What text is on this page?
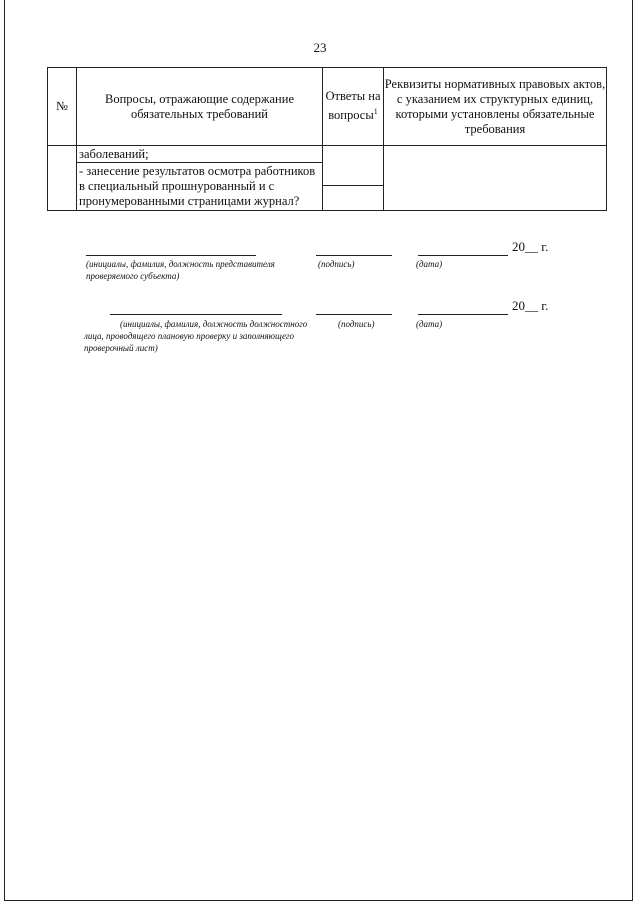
23
№	Вопросы, отражающие содержание обязательных требований	Ответы на вопросы$^1$	Реквизиты нормативных правовых актов, с указанием их структурных единиц, которыми установлены обязательные требования

	заболеваний;
- занесение результатов осмотра работников в специальный прошнурованный и с пронумерованными страницами журнал?		

20__ г.
(инициалы, фамилия, должность представителя проверяемого субъекта)
(подпись)	(дата)
20__ г.
(инициалы, фамилия, должность должностного лица, проводящего плановую проверку и заполняющего проверочный лист)
(подпись)	(дата)
